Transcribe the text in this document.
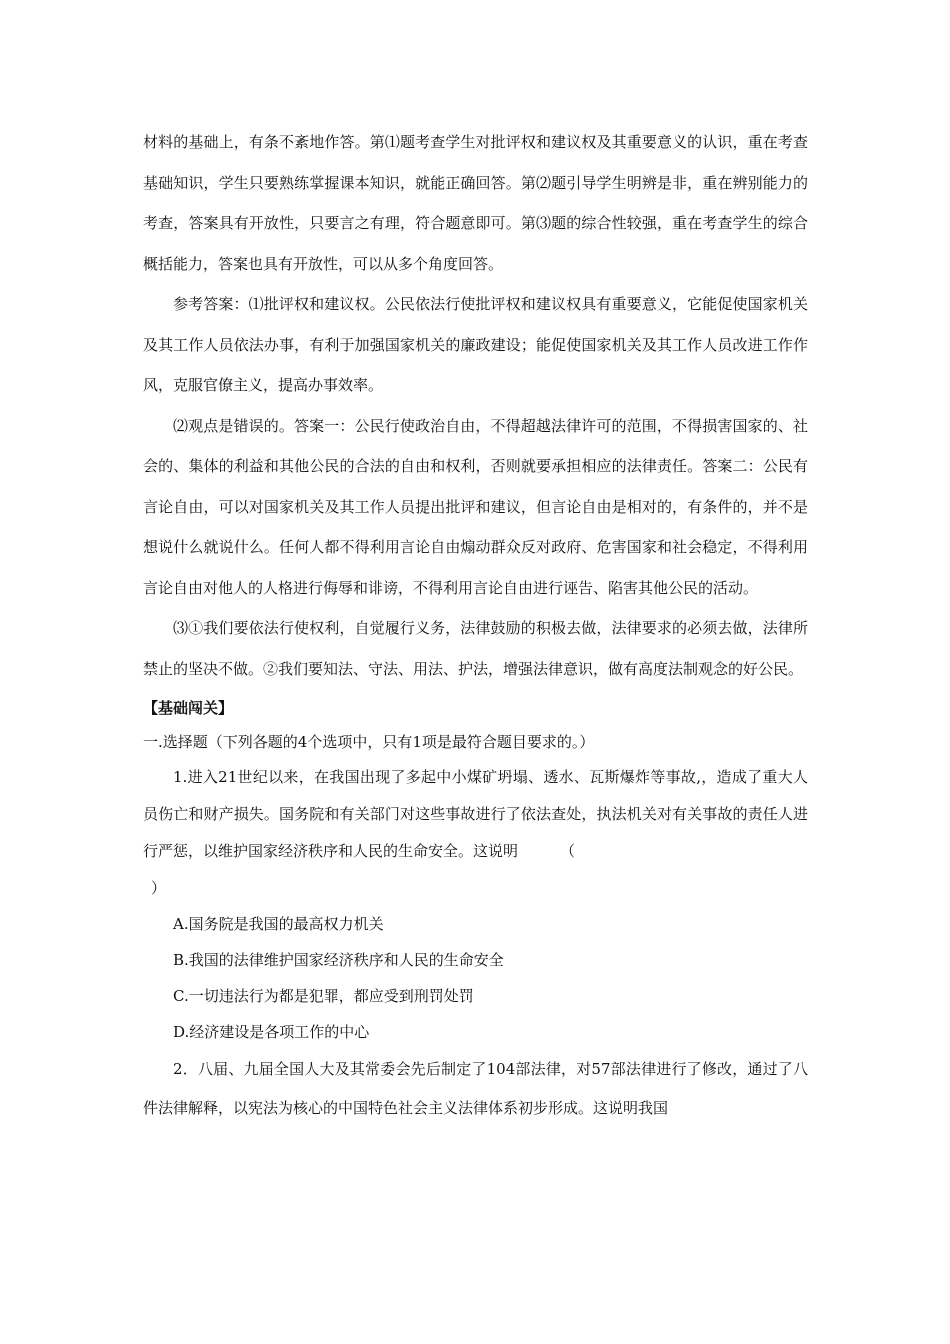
材料的基础上，有条不紊地作答。第⑴题考查学生对批评权和建议权及其重要意义的认识，重在考查基础知识，学生只要熟练掌握课本知识，就能正确回答。第⑵题引导学生明辨是非，重在辨别能力的考查，答案具有开放性，只要言之有理，符合题意即可。第⑶题的综合性较强，重在考查学生的综合概括能力，答案也具有开放性，可以从多个角度回答。

参考答案：⑴批评权和建议权。公民依法行使批评权和建议权具有重要意义，它能促使国家机关及其工作人员依法办事，有利于加强国家机关的廉政建设；能促使国家机关及其工作人员改进工作作风，克服官僚主义，提高办事效率。

⑵观点是错误的。答案一：公民行使政治自由，不得超越法律许可的范围，不得损害国家的、社会的、集体的利益和其他公民的合法的自由和权利，否则就要承担相应的法律责任。答案二：公民有言论自由，可以对国家机关及其工作人员提出批评和建议，但言论自由是相对的，有条件的，并不是想说什么就说什么。任何人都不得利用言论自由煽动群众反对政府、危害国家和社会稳定，不得利用言论自由对他人的人格进行侮辱和诽谤，不得利用言论自由进行诬告、陷害其他公民的活动。

⑶①我们要依法行使权利，自觉履行义务，法律鼓励的积极去做，法律要求的必须去做，法律所禁止的坚决不做。②我们要知法、守法、用法、护法，增强法律意识，做有高度法制观念的好公民。

【基础闯关】

一.选择题（下列各题的4个选项中，只有1项是最符合题目要求的。）

1.进入21世纪以来，在我国出现了多起中小煤矿坍塌、透水、瓦斯爆炸等事故,，造成了重大人员伤亡和财产损失。国务院和有关部门对这些事故进行了依法查处，执法机关对有关事故的责任人进行严惩，以维护国家经济秩序和人民的生命安全。这说明	（

）

A.国务院是我国的最高权力机关

B.我国的法律维护国家经济秩序和人民的生命安全

C.一切违法行为都是犯罪，都应受到刑罚处罚

D.经济建设是各项工作的中心

2．八届、九届全国人大及其常委会先后制定了104部法律，对57部法律进行了修改，通过了八件法律解释，以宪法为核心的中国特色社会主义法律体系初步形成。这说明我国
